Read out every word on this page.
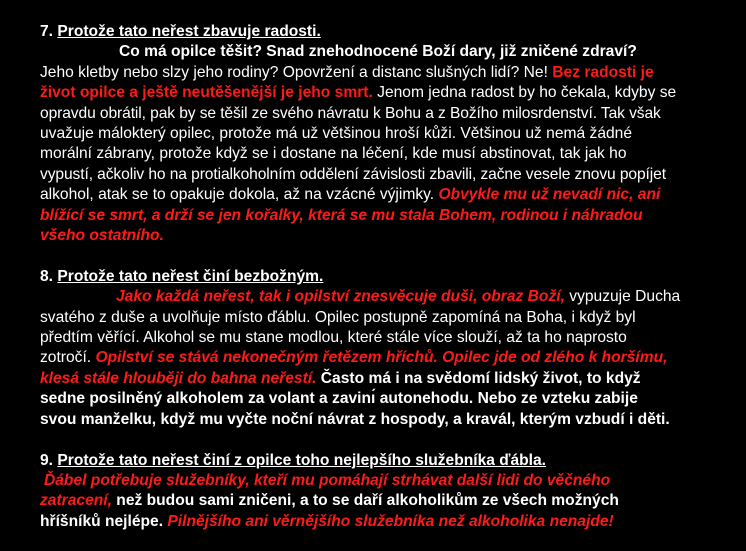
7. Protože tato neřest zbavuje radosti.
Co má opilce těšit? Snad znehodnocené Boží dary, již zničené zdraví?
Jeho kletby nebo slzy jeho rodiny? Opovržení a distanc slušných lidí? Ne! Bez radosti je
život opilce a ještě neutěšenější je jeho smrt. Jenom jedna radost by ho čekala, kdyby se
opravdu obrátil, pak by se těšil ze svého návratu k Bohu a z Božího milosrdenství. Tak však
uvažuje málokterý opilec, protože má už většinou hroší kůži. Většinou už nemá žádné
morální zábrany, protože když se i dostane na léčení, kde musí abstinovat, tak jak ho
vypustí, ačkoliv ho na protialkoholním oddělení závislosti zbavili, začne vesele znovu popíjet
alkohol, atak se to opakuje dokola, až na vzácné výjimky. Obvykle mu už nevadí nic, ani
blížící se smrt, a drží se jen kořalky, která se mu stala Bohem, rodinou i náhradou
všeho ostatního.
8. Protože tato neřest činí bezbožným.
Jako každá neřest, tak i opilství znesvěcuje duši, obraz Boží, vypuzuje Ducha
svatého z duše a uvolňuje místo ďáblu. Opilec postupně zapomíná na Boha, i když byl
předtím věřící. Alkohol se mu stane modlou, které stále více slouží, až ta ho naprosto
zotročí. Opilství se stává nekonečným řetězem hříchů. Opilec jde od zlého k horšímu,
klesá stále hlouběji do bahna neřestí. Často má i na svědomí lidský život, to když
sedne posilněný alkoholem za volant a zavinı́ autonehodu. Nebo ze vzteku zabije
svou manželku, když mu vyčte noční návrat z hospody, a kravál, kterým vzbudí i děti.
9. Protože tato neřest činí z opilce toho nejlepšího služebníka ďábla.
Ďábel potřebuje služebníky, kteří mu pomáhají strhávat další lidi do věčného
zatracení, než budou sami zničeni, a to se daří alkoholikům ze všech možných
hříšníků nejlépe. Pilnějšího ani věrnějšího služebníka než alkoholika nenajde!
